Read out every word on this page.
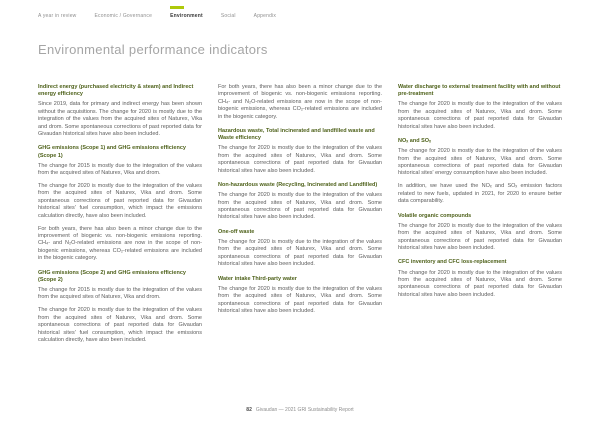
A year in review	Economic / Governance	Environment	Social	Appendix
Environmental performance indicators
Indirect energy (purchased electricity & steam) and Indirect energy efficiency

Since 2019, data for primary and indirect energy has been shown without the acquisitions. The change for 2020 is mostly due to the integration of the values from the acquired sites of Naturex, Vika and drom. Some spontaneous corrections of past reported data for Givaudan historical sites have also been included.

GHG emissions (Scope 1) and GHG emissions efficiency (Scope 1)

The change for 2015 is mostly due to the integration of the values from the acquired sites of Naturex, Vika and drom.

The change for 2020 is mostly due to the integration of the values from the acquired sites of Naturex, Vika and drom. Some spontaneous corrections of past reported data for Givaudan historical sites' fuel consumption, which impact the emissions calculation directly, have also been included.

For both years, there has also been a minor change due to the improvement of biogenic vs. non-biogenic emissions reporting. CH₄- and N₂O-related emissions are now in the scope of non-biogenic emissions, whereas CO₂-related emissions are included in the biogenic category.

GHG emissions (Scope 2) and GHG emissions efficiency (Scope 2)

The change for 2015 is mostly due to the integration of the values from the acquired sites of Naturex, Vika and drom.

The change for 2020 is mostly due to the integration of the values from the acquired sites of Naturex, Vika and drom. Some spontaneous corrections of past reported data for Givaudan historical sites' fuel consumption, which impact the emissions calculation directly, have also been included.

For both years, there has also been a minor change due to the improvement of biogenic vs. non-biogenic emissions reporting. CH₄- and N₂O-related emissions are now in the scope of non-biogenic emissions, whereas CO₂-related emissions are included in the biogenic category.

Hazardous waste, Total incinerated and landfilled waste and Waste efficiency

The change for 2020 is mostly due to the integration of the values from the acquired sites of Naturex, Vika and drom. Some spontaneous corrections of past reported data for Givaudan historical sites have also been included.

Non-hazardous waste (Recycling, Incinerated and Landfilled)

The change for 2020 is mostly due to the integration of the values from the acquired sites of Naturex, Vika and drom. Some spontaneous corrections of past reported data for Givaudan historical sites have also been included.

One-off waste

The change for 2020 is mostly due to the integration of the values from the acquired sites of Naturex, Vika and drom. Some spontaneous corrections of past reported data for Givaudan historical sites have also been included.

Water intake Third-party water

The change for 2020 is mostly due to the integration of the values from the acquired sites of Naturex, Vika and drom. Some spontaneous corrections of past reported data for Givaudan historical sites have also been included.

Water discharge to external treatment facility with and without pre-treatment

The change for 2020 is mostly due to the integration of the values from the acquired sites of Naturex, Vika and drom. Some spontaneous corrections of past reported data for Givaudan historical sites have also been included.

NOₓ and SOₓ

The change for 2020 is mostly due to the integration of the values from the acquired sites of Naturex, Vika and drom. Some spontaneous corrections of past reported data for Givaudan historical sites' energy consumption have also been included.

In addition, we have used the NOₓ and SOₓ emission factors related to new fuels, updated in 2021, for 2020 to ensure better data comparability.

Volatile organic compounds

The change for 2020 is mostly due to the integration of the values from the acquired sites of Naturex, Vika and drom. Some spontaneous corrections of past reported data for Givaudan historical sites have also been included.

CFC inventory and CFC loss-replacement

The change for 2020 is mostly due to the integration of the values from the acquired sites of Naturex, Vika and drom. Some spontaneous corrections of past reported data for Givaudan historical sites have also been included.

82 Givaudan — 2021 GRI Sustainability Report
